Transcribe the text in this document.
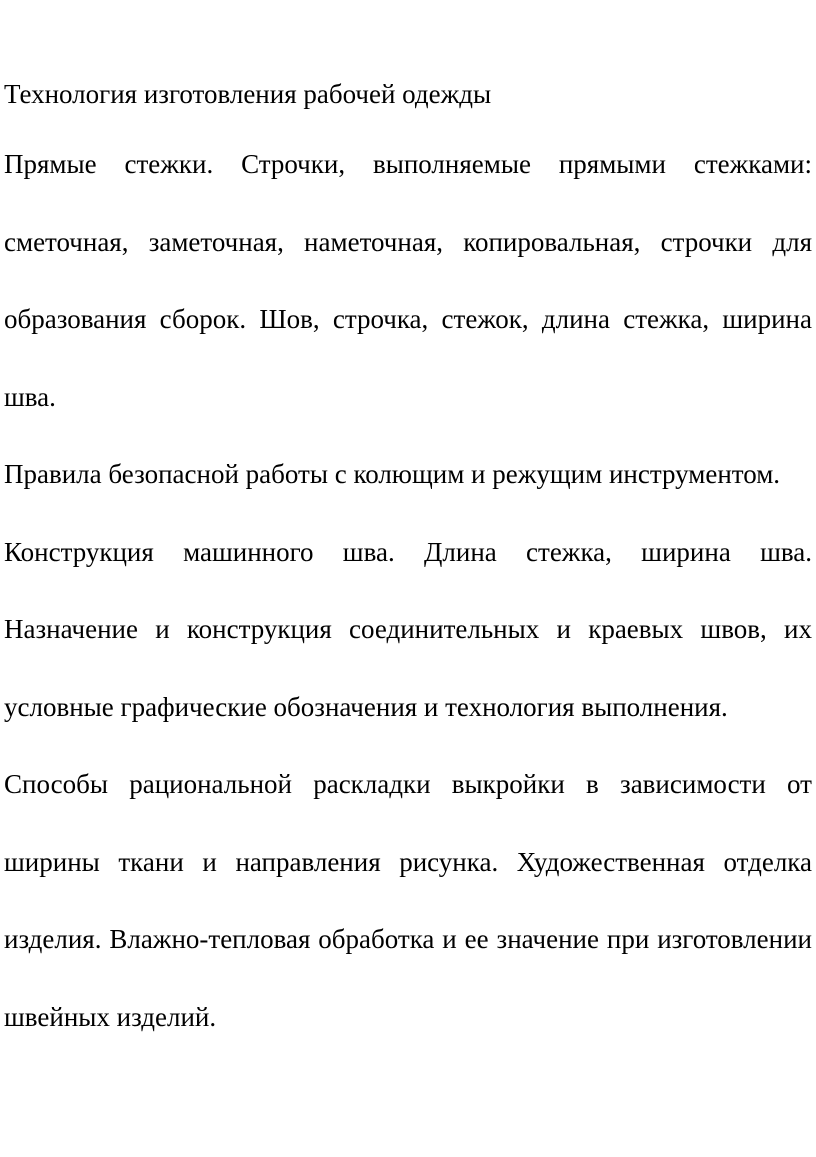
Технология изготовления рабочей одежды

Прямые стежки. Строчки, выполняемые прямыми стежками: сметочная, заметочная, наметочная, копировальная, строчки для образования сборок. Шов, строчка, стежок, длина стежка, ширина шва.

Правила безопасной работы с колющим и режущим инструментом.

Конструкция машинного шва. Длина стежка, ширина шва. Назначение и конструкция соединительных и краевых швов, их условные графические обозначения и технология выполнения.

Способы рациональной раскладки выкройки в зависимости от ширины ткани и направления рисунка. Художественная отделка изделия. Влажно-тепловая обработка и ее значение при изготовлении швейных изделий.
